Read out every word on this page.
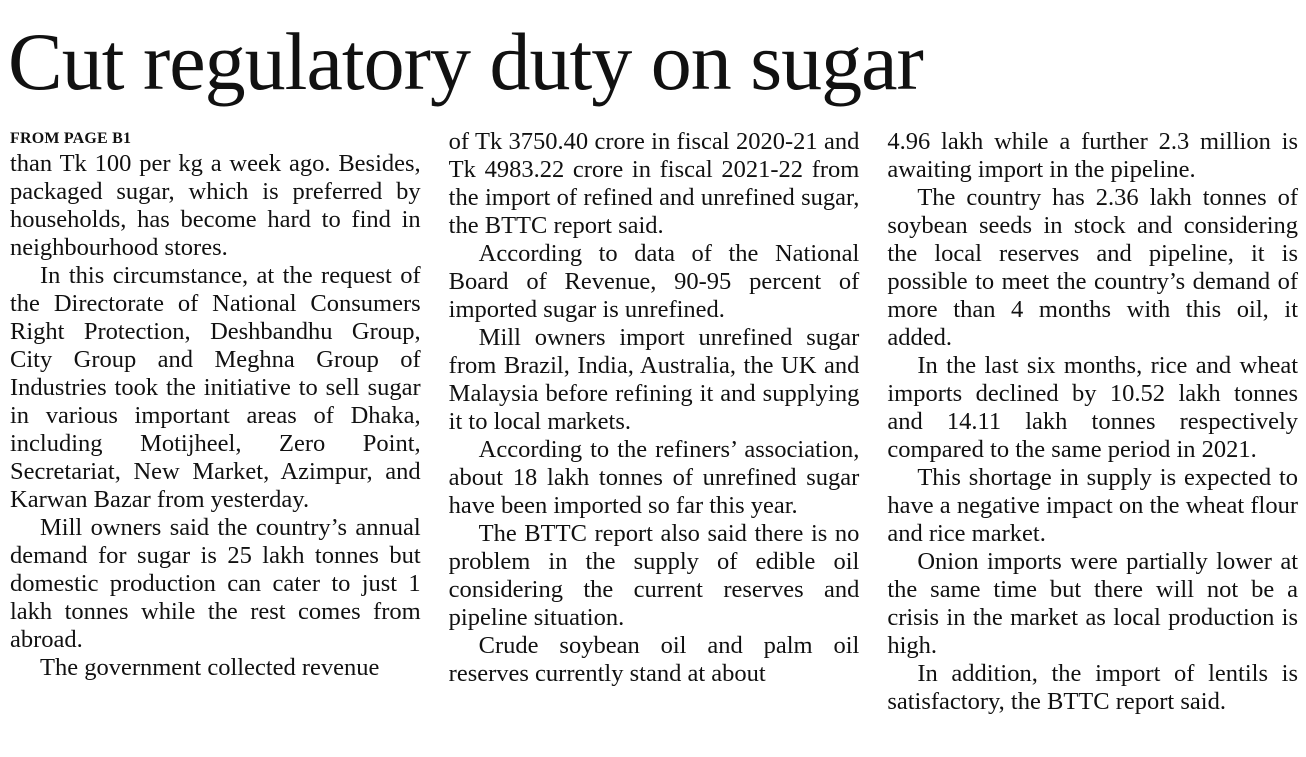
Cut regulatory duty on sugar
FROM PAGE B1

than Tk 100 per kg a week ago. Besides, packaged sugar, which is preferred by households, has become hard to find in neighbourhood stores.

In this circumstance, at the request of the Directorate of National Consumers Right Protection, Deshbandhu Group, City Group and Meghna Group of Industries took the initiative to sell sugar in various important areas of Dhaka, including Motijheel, Zero Point, Secretariat, New Market, Azimpur, and Karwan Bazar from yesterday.

Mill owners said the country’s annual demand for sugar is 25 lakh tonnes but domestic production can cater to just 1 lakh tonnes while the rest comes from abroad.

The government collected revenue

of Tk 3750.40 crore in fiscal 2020-21 and Tk 4983.22 crore in fiscal 2021-22 from the import of refined and unrefined sugar, the BTTC report said.

According to data of the National Board of Revenue, 90-95 percent of imported sugar is unrefined.

Mill owners import unrefined sugar from Brazil, India, Australia, the UK and Malaysia before refining it and supplying it to local markets.

According to the refiners’ association, about 18 lakh tonnes of unrefined sugar have been imported so far this year.

The BTTC report also said there is no problem in the supply of edible oil considering the current reserves and pipeline situation.

Crude soybean oil and palm oil reserves currently stand at about

4.96 lakh while a further 2.3 million is awaiting import in the pipeline.

The country has 2.36 lakh tonnes of soybean seeds in stock and considering the local reserves and pipeline, it is possible to meet the country’s demand of more than 4 months with this oil, it added.

In the last six months, rice and wheat imports declined by 10.52 lakh tonnes and 14.11 lakh tonnes respectively compared to the same period in 2021.

This shortage in supply is expected to have a negative impact on the wheat flour and rice market.

Onion imports were partially lower at the same time but there will not be a crisis in the market as local production is high.

In addition, the import of lentils is satisfactory, the BTTC report said.
